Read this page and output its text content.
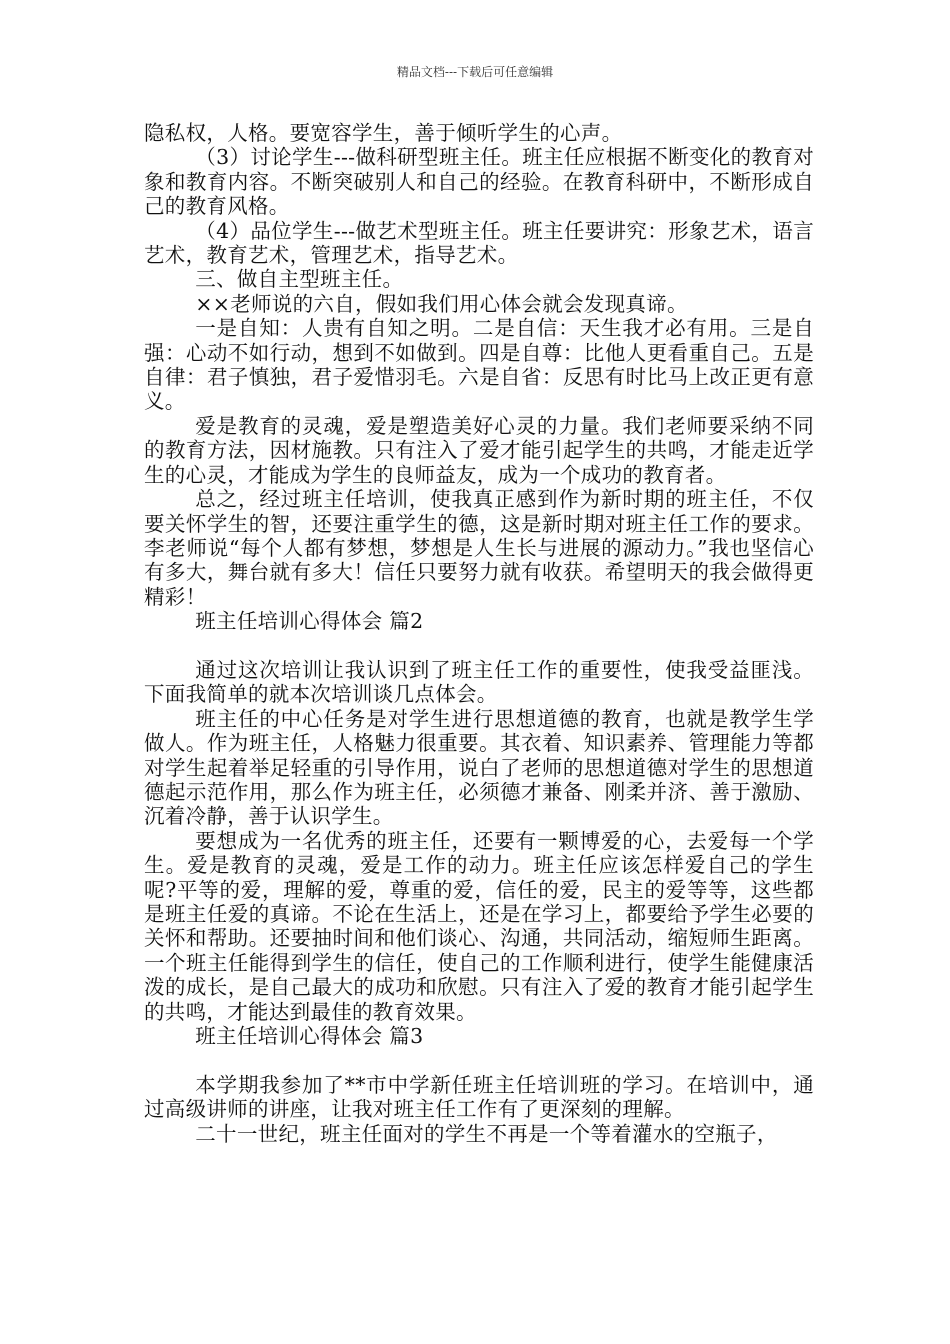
精品文档---下载后可任意编辑

隐私权，人格。要宽容学生，善于倾听学生的心声。

（3）讨论学生---做科研型班主任。班主任应根据不断变化的教育对象和教育内容。不断突破别人和自己的经验。在教育科研中，不断形成自己的教育风格。

（4）品位学生---做艺术型班主任。班主任要讲究：形象艺术，语言艺术，教育艺术，管理艺术，指导艺术。

三、做自主型班主任。

××老师说的六自，假如我们用心体会就会发现真谛。

一是自知：人贵有自知之明。二是自信：天生我才必有用。三是自强：心动不如行动，想到不如做到。四是自尊：比他人更看重自己。五是自律：君子慎独，君子爱惜羽毛。六是自省：反思有时比马上改正更有意义。

爱是教育的灵魂，爱是塑造美好心灵的力量。我们老师要采纳不同的教育方法，因材施教。只有注入了爱才能引起学生的共鸣，才能走近学生的心灵，才能成为学生的良师益友，成为一个成功的教育者。

总之，经过班主任培训，使我真正感到作为新时期的班主任，不仅要关怀学生的智，还要注重学生的德，这是新时期对班主任工作的要求。李老师说“每个人都有梦想，梦想是人生长与进展的源动力。”我也坚信心有多大，舞台就有多大！信任只要努力就有收获。希望明天的我会做得更精彩！

班主任培训心得体会 篇2

通过这次培训让我认识到了班主任工作的重要性，使我受益匪浅。下面我简单的就本次培训谈几点体会。

班主任的中心任务是对学生进行思想道德的教育，也就是教学生学做人。作为班主任，人格魅力很重要。其衣着、知识素养、管理能力等都对学生起着举足轻重的引导作用，说白了老师的思想道德对学生的思想道德起示范作用，那么作为班主任，必须德才兼备、刚柔并济、善于激励、沉着冷静，善于认识学生。

要想成为一名优秀的班主任，还要有一颗博爱的心，去爱每一个学生。爱是教育的灵魂，爱是工作的动力。班主任应该怎样爱自己的学生呢?平等的爱，理解的爱，尊重的爱，信任的爱，民主的爱等等，这些都是班主任爱的真谛。不论在生活上，还是在学习上，都要给予学生必要的关怀和帮助。还要抽时间和他们谈心、沟通，共同活动，缩短师生距离。一个班主任能得到学生的信任，使自己的工作顺利进行，使学生能健康活泼的成长，是自己最大的成功和欣慰。只有注入了爱的教育才能引起学生的共鸣，才能达到最佳的教育效果。

班主任培训心得体会 篇3

本学期我参加了**市中学新任班主任培训班的学习。在培训中，通过高级讲师的讲座，让我对班主任工作有了更深刻的理解。

二十一世纪，班主任面对的学生不再是一个等着灌水的空瓶子，
